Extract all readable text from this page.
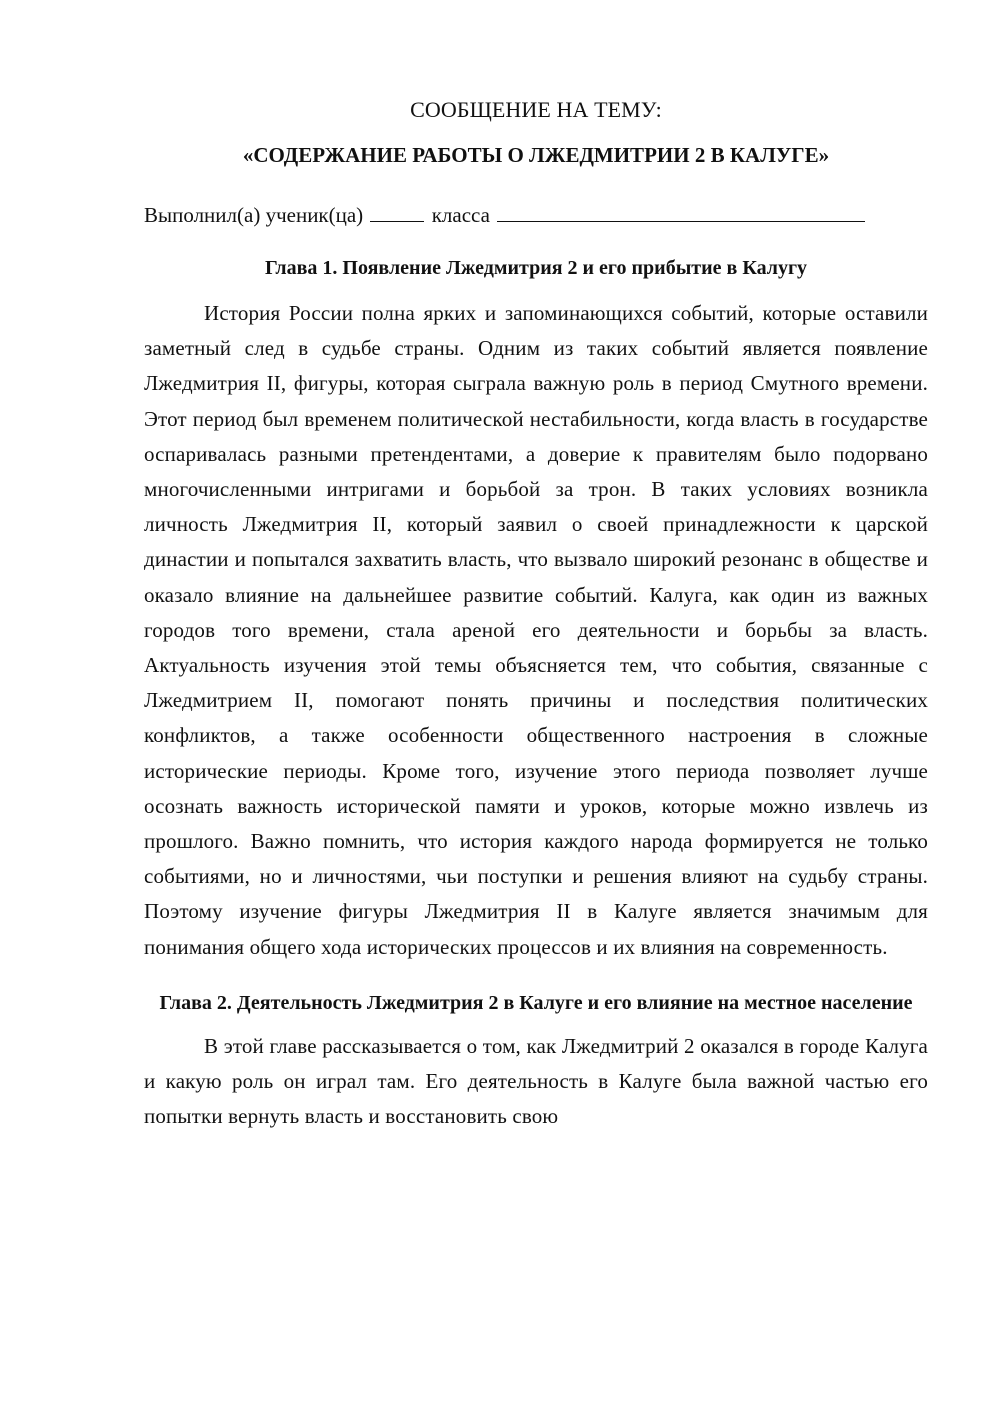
СООБЩЕНИЕ НА ТЕМУ:
«СОДЕРЖАНИЕ РАБОТЫ О ЛЖЕДМИТРИИ 2 В КАЛУГЕ»
Выполнил(а) ученик(ца)	класса
Глава 1. Появление Лжедмитрия 2 и его прибытие в Калугу

История России полна ярких и запоминающихся событий, которые оставили заметный след в судьбе страны. Одним из таких событий является появление Лжедмитрия II, фигуры, которая сыграла важную роль в период Смутного времени. Этот период был временем политической нестабильности, когда власть в государстве оспаривалась разными претендентами, а доверие к правителям было подорвано многочисленными интригами и борьбой за трон. В таких условиях возникла личность Лжедмитрия II, который заявил о своей принадлежности к царской династии и попытался захватить власть, что вызвало широкий резонанс в обществе и оказало влияние на дальнейшее развитие событий. Калуга, как один из важных городов того времени, стала ареной его деятельности и борьбы за власть. Актуальность изучения этой темы объясняется тем, что события, связанные с Лжедмитрием II, помогают понять причины и последствия политических конфликтов, а также особенности общественного настроения в сложные исторические периоды. Кроме того, изучение этого периода позволяет лучше осознать важность исторической памяти и уроков, которые можно извлечь из прошлого. Важно помнить, что история каждого народа формируется не только событиями, но и личностями, чьи поступки и решения влияют на судьбу страны. Поэтому изучение фигуры Лжедмитрия II в Калуге является значимым для понимания общего хода исторических процессов и их влияния на современность.

Глава 2. Деятельность Лжедмитрия 2 в Калуге и его влияние на местное население

В этой главе рассказывается о том, как Лжедмитрий 2 оказался в городе Калуга и какую роль он играл там. Его деятельность в Калуге была важной частью его попытки вернуть власть и восстановить свою
